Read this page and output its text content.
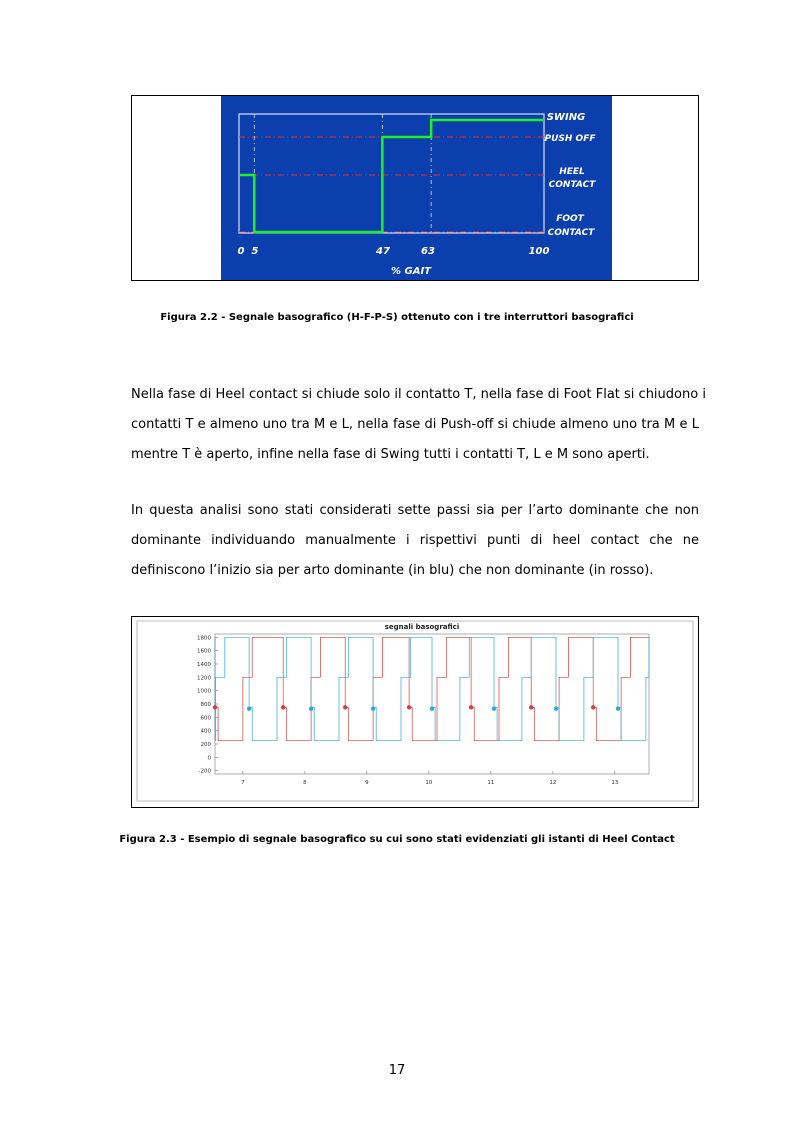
SWING
PUSH OFF
HEEL
CONTACT
FOOT
CONTACT
0 5	47	63	100
% GAIT
Figura 2.2 - Segnale basografico (H-F-P-S) ottenuto con i tre interruttori basografici
Nella fase di Heel contact si chiude solo il contatto T, nella fase di Foot Flat si chiudono i
contatti T e almeno uno tra M e L, nella fase di Push-off si chiude almeno uno tra M e L
mentre T è aperto, infine nella fase di Swing tutti i contatti T, L e M sono aperti.
In questa analisi sono stati considerati sette passi sia per l’arto dominante che non
dominante individuando manualmente i rispettivi punti di heel contact che ne
definiscono l’inizio sia per arto dominante (in blu) che non dominante (in rosso).
segnali basografici
1800
1600
1400
1200
1000
800
600
400
200
0
-200
7	8	9	10	11	12	13
Figura 2.3 - Esempio di segnale basografico su cui sono stati evidenziati gli istanti di Heel Contact
17
